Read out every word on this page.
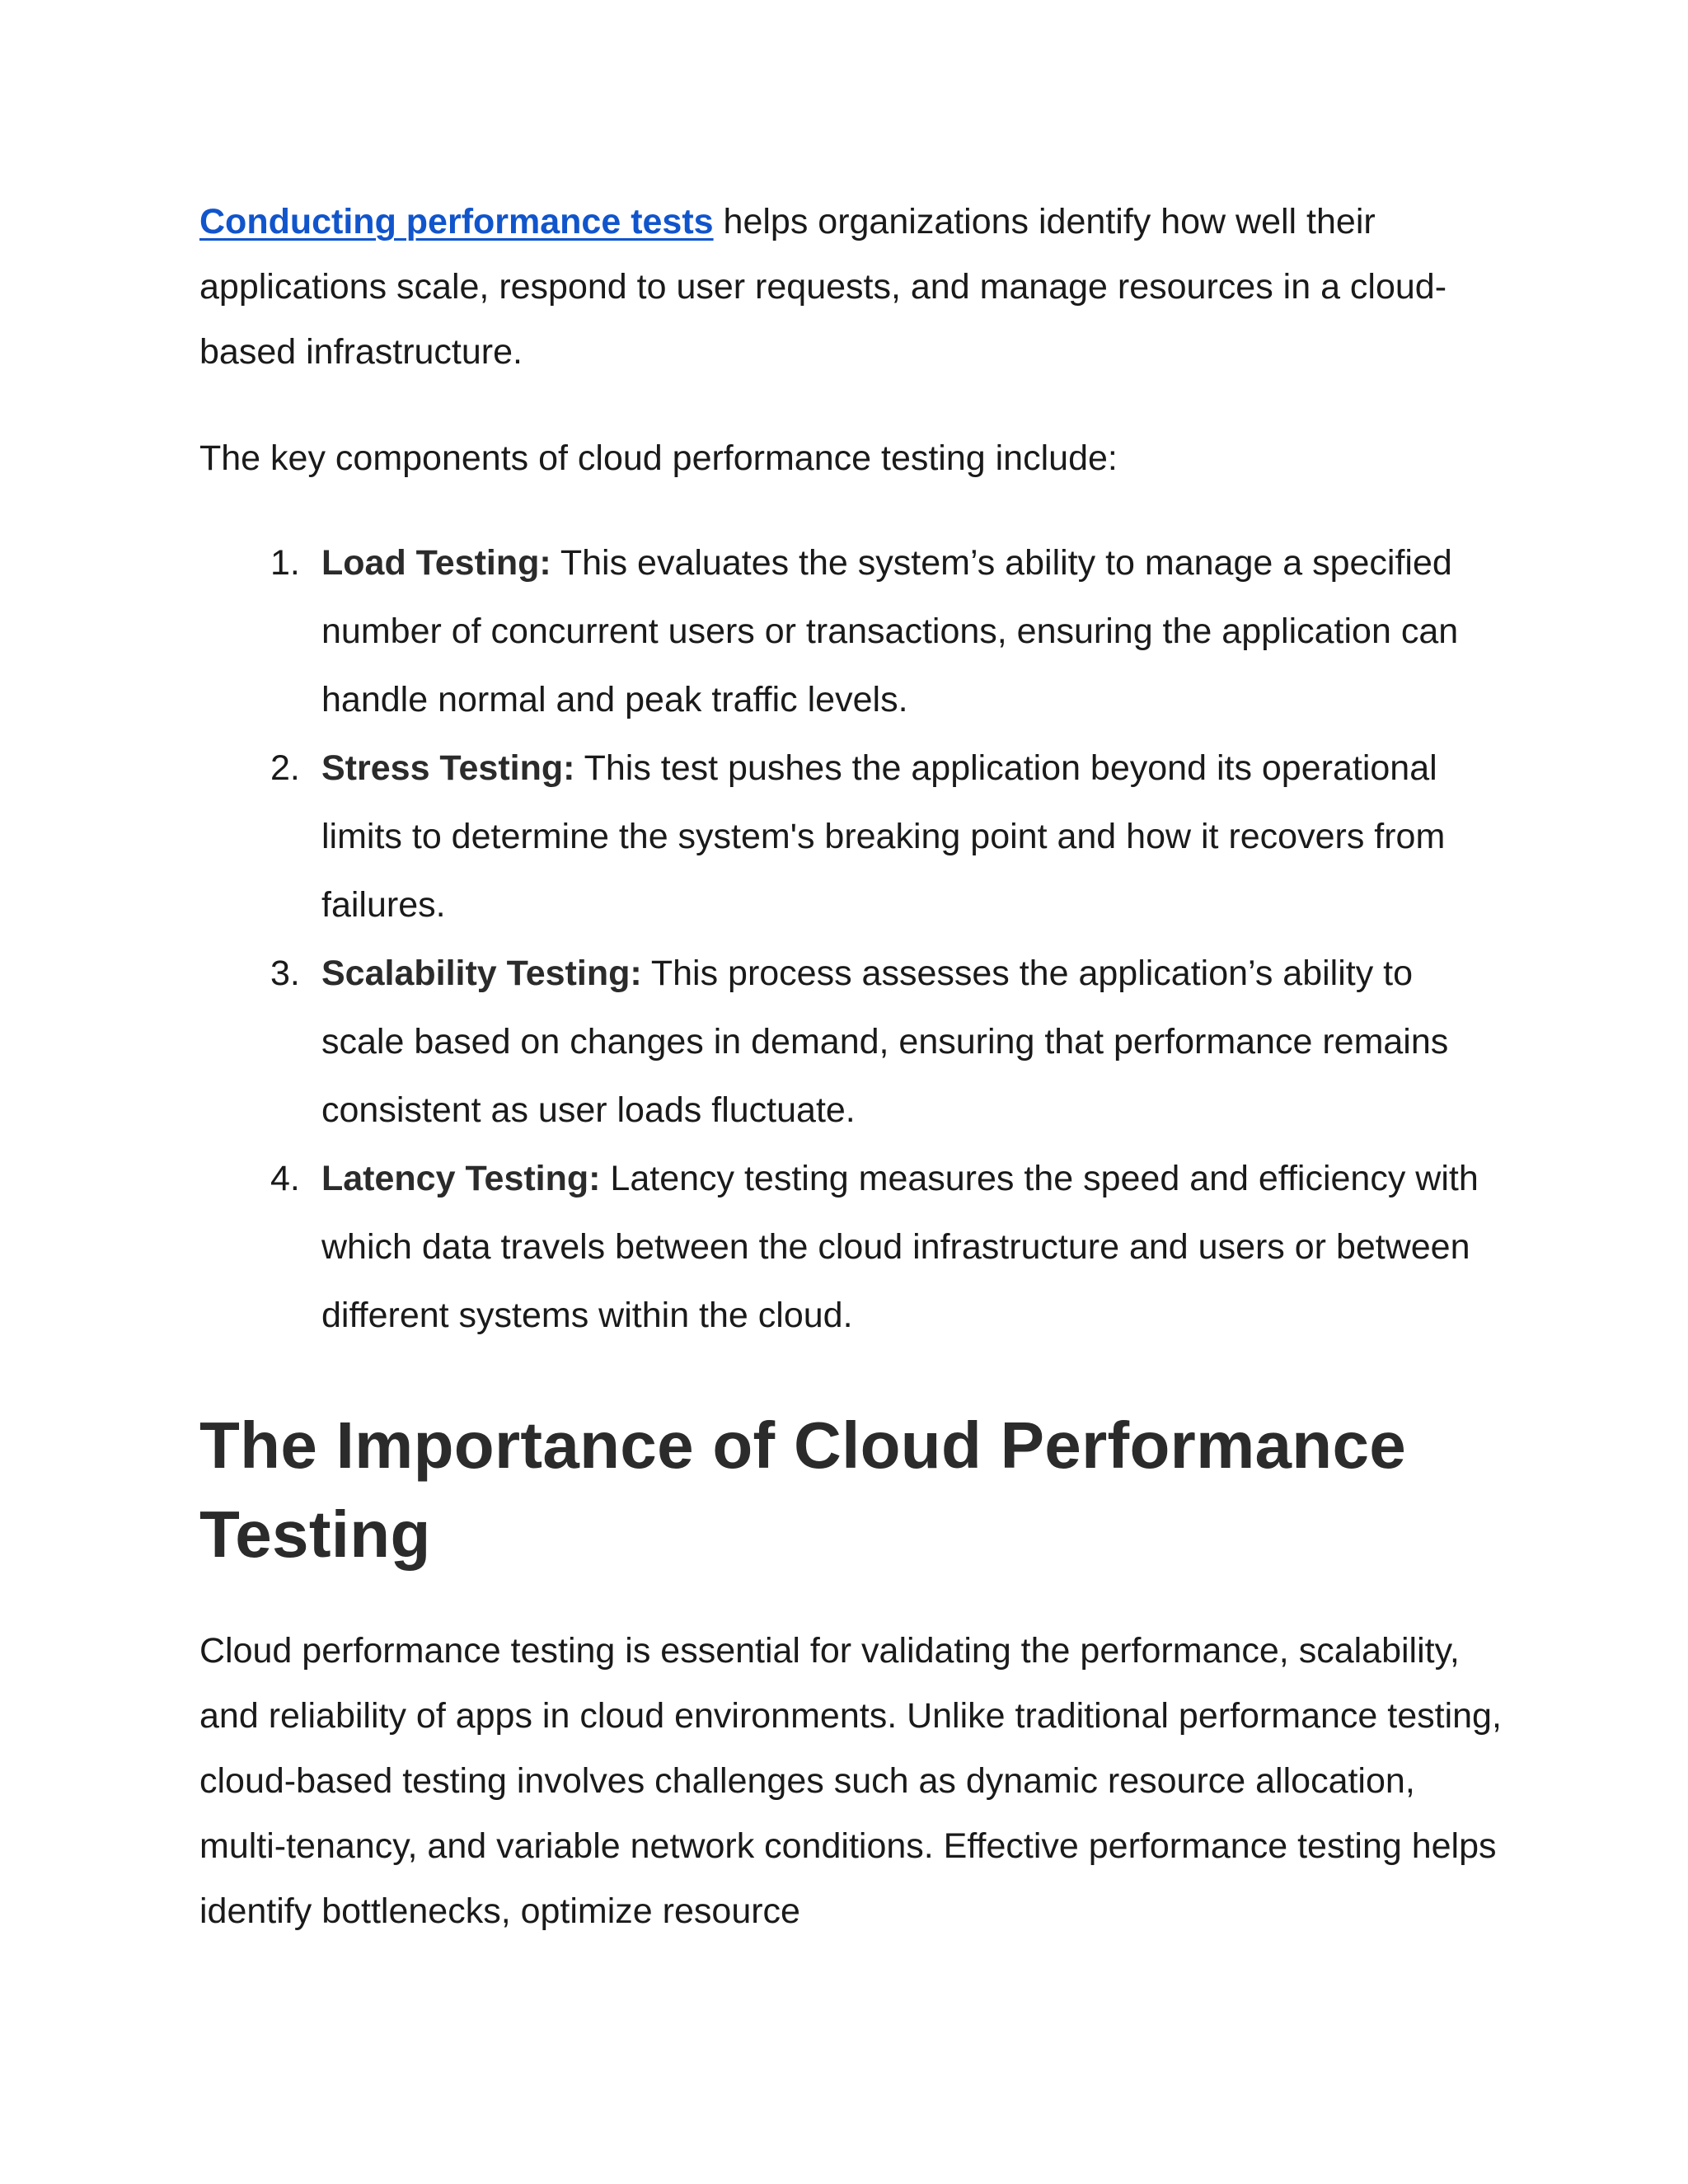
Conducting performance tests helps organizations identify how well their applications scale, respond to user requests, and manage resources in a cloud-based infrastructure.

The key components of cloud performance testing include:

1. Load Testing: This evaluates the system’s ability to manage a specified number of concurrent users or transactions, ensuring the application can handle normal and peak traffic levels.
2. Stress Testing: This test pushes the application beyond its operational limits to determine the system's breaking point and how it recovers from failures.
3. Scalability Testing: This process assesses the application’s ability to scale based on changes in demand, ensuring that performance remains consistent as user loads fluctuate.
4. Latency Testing: Latency testing measures the speed and efficiency with which data travels between the cloud infrastructure and users or between different systems within the cloud.
The Importance of Cloud Performance Testing

Cloud performance testing is essential for validating the performance, scalability, and reliability of apps in cloud environments. Unlike traditional performance testing, cloud-based testing involves challenges such as dynamic resource allocation, multi-tenancy, and variable network conditions. Effective performance testing helps identify bottlenecks, optimize resource
